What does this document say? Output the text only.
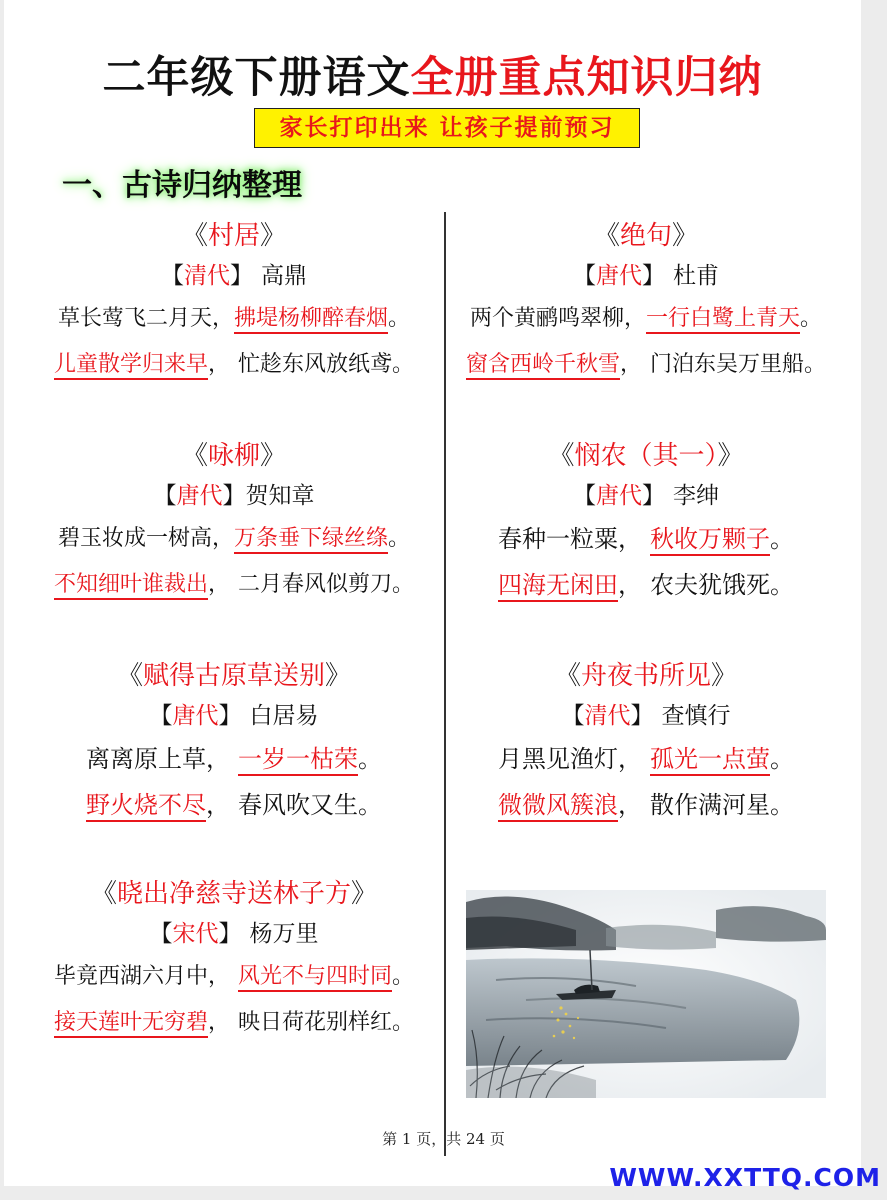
二年级下册语文全册重点知识归纳
家长打印出来 让孩子提前预习
一、古诗归纳整理
《村居》
【清代】 高鼎
草长莺飞二月天，拂堤杨柳醉春烟。
儿童散学归来早， 忙趁东风放纸鸢。
《绝句》
【唐代】 杜甫
两个黄鹂鸣翠柳，一行白鹭上青天。
窗含西岭千秋雪， 门泊东吴万里船。
《咏柳》
【唐代】贺知章
碧玉妆成一树高，万条垂下绿丝绦。
不知细叶谁裁出， 二月春风似剪刀。
《悯农（其一）》
【唐代】 李绅
春种一粒粟， 秋收万颗子。
四海无闲田， 农夫犹饿死。
《赋得古原草送别》
【唐代】 白居易
离离原上草， 一岁一枯荣。
野火烧不尽， 春风吹又生。
《舟夜书所见》
【清代】 查慎行
月黑见渔灯， 孤光一点萤。
微微风簇浪， 散作满河星。
《晓出净慈寺送林子方》
【宋代】 杨万里
毕竟西湖六月中， 风光不与四时同。
接天莲叶无穷碧， 映日荷花别样红。
第 1 页，共 24 页
WWW.XXTTQ.COM
